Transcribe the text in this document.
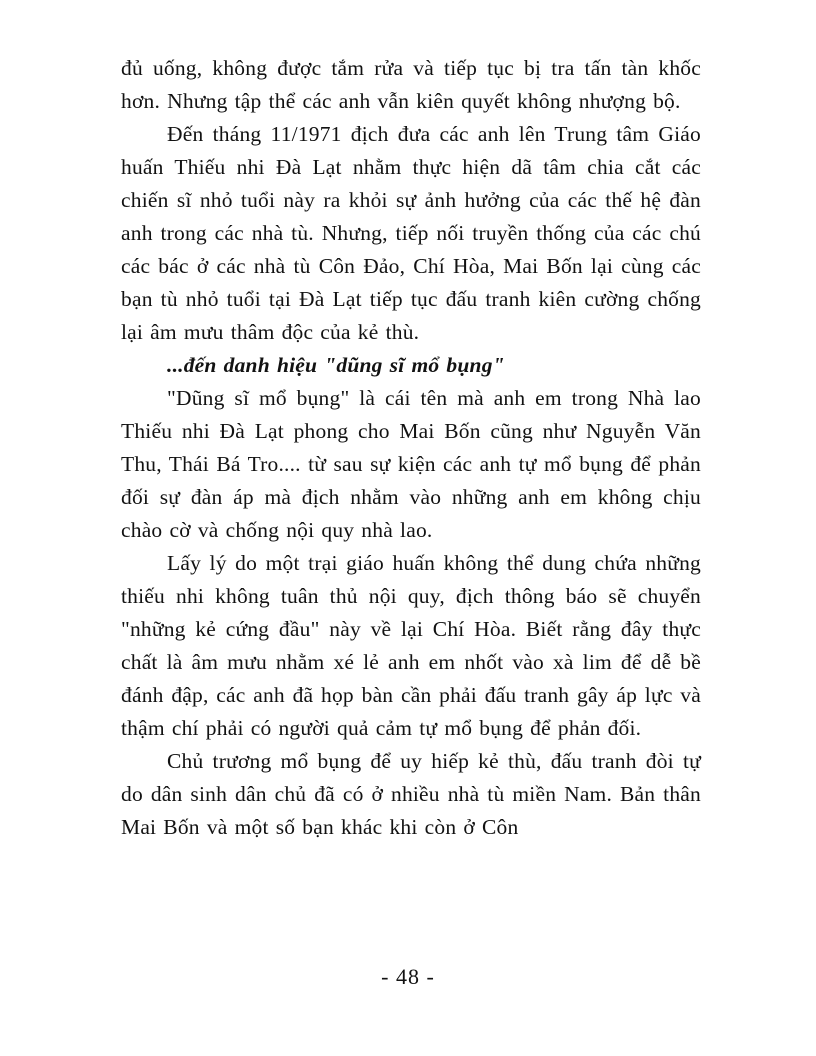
đủ uống, không được tắm rửa và tiếp tục bị tra tấn tàn khốc hơn. Nhưng tập thể các anh vẫn kiên quyết không nhượng bộ.

Đến tháng 11/1971 địch đưa các anh lên Trung tâm Giáo huấn Thiếu nhi Đà Lạt nhằm thực hiện dã tâm chia cắt các chiến sĩ nhỏ tuổi này ra khỏi sự ảnh hưởng của các thế hệ đàn anh trong các nhà tù. Nhưng, tiếp nối truyền thống của các chú các bác ở các nhà tù Côn Đảo, Chí Hòa, Mai Bốn lại cùng các bạn tù nhỏ tuổi tại Đà Lạt tiếp tục đấu tranh kiên cường chống lại âm mưu thâm độc của kẻ thù.

...đến danh hiệu "dũng sĩ mổ bụng"

"Dũng sĩ mổ bụng" là cái tên mà anh em trong Nhà lao Thiếu nhi Đà Lạt phong cho Mai Bốn cũng như Nguyễn Văn Thu, Thái Bá Tro.... từ sau sự kiện các anh tự mổ bụng để phản đối sự đàn áp mà địch nhằm vào những anh em không chịu chào cờ và chống nội quy nhà lao.

Lấy lý do một trại giáo huấn không thể dung chứa những thiếu nhi không tuân thủ nội quy, địch thông báo sẽ chuyển "những kẻ cứng đầu" này về lại Chí Hòa. Biết rằng đây thực chất là âm mưu nhằm xé lẻ anh em nhốt vào xà lim để dễ bề đánh đập, các anh đã họp bàn cần phải đấu tranh gây áp lực và thậm chí phải có người quả cảm tự mổ bụng để phản đối.

Chủ trương mổ bụng để uy hiếp kẻ thù, đấu tranh đòi tự do dân sinh dân chủ đã có ở nhiều nhà tù miền Nam. Bản thân Mai Bốn và một số bạn khác khi còn ở Côn

- 48 -
